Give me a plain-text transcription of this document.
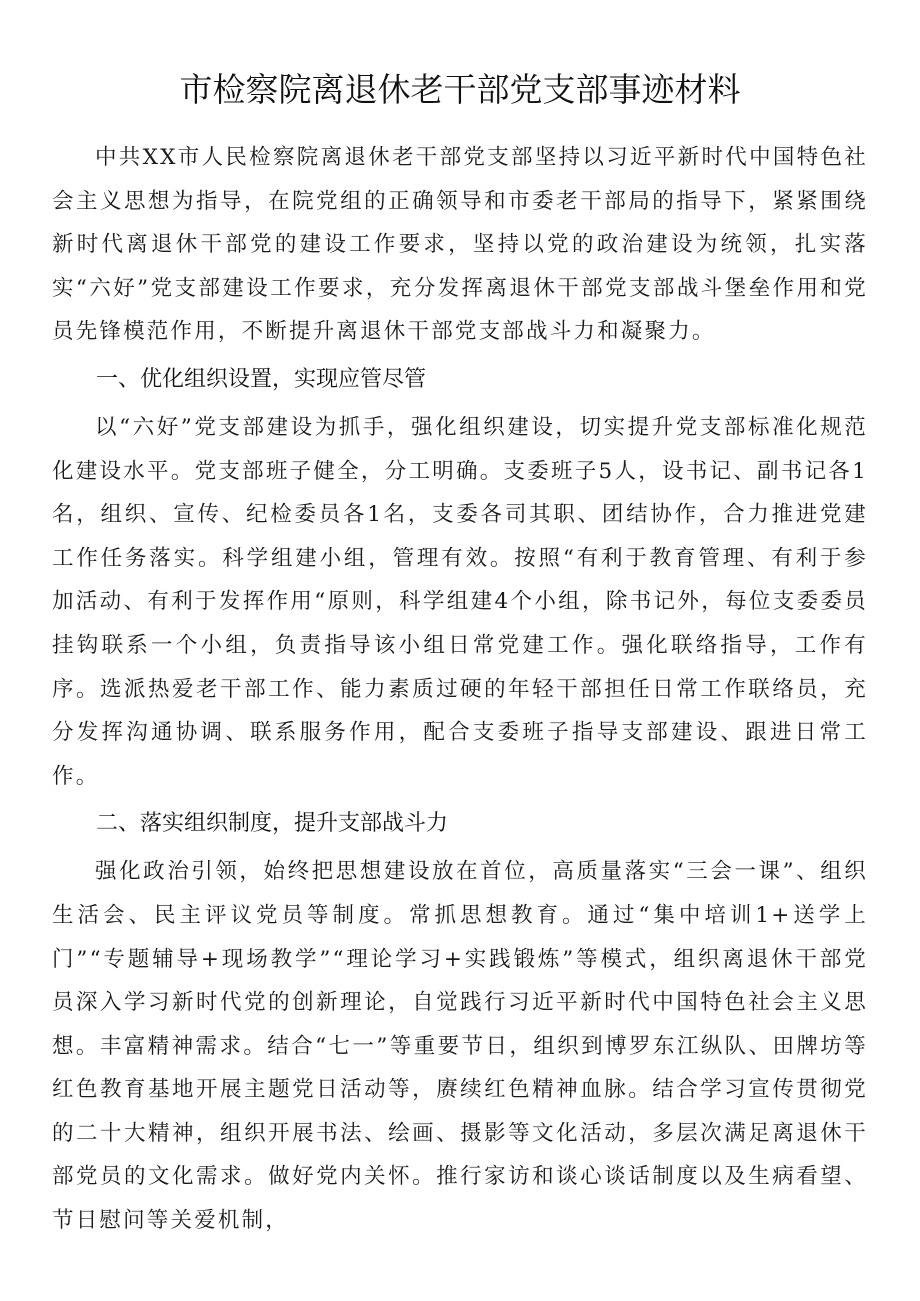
市检察院离退休老干部党支部事迹材料

中共XX市人民检察院离退休老干部党支部坚持以习近平新时代中国特色社会主义思想为指导，在院党组的正确领导和市委老干部局的指导下，紧紧围绕新时代离退休干部党的建设工作要求，坚持以党的政治建设为统领，扎实落实“六好”党支部建设工作要求，充分发挥离退休干部党支部战斗堡垒作用和党员先锋模范作用，不断提升离退休干部党支部战斗力和凝聚力。

一、优化组织设置，实现应管尽管

以“六好”党支部建设为抓手，强化组织建设，切实提升党支部标准化规范化建设水平。党支部班子健全，分工明确。支委班子5人，设书记、副书记各1名，组织、宣传、纪检委员各1名，支委各司其职、团结协作，合力推进党建工作任务落实。科学组建小组，管理有效。按照“有利于教育管理、有利于参加活动、有利于发挥作用“原则，科学组建4个小组，除书记外，每位支委委员挂钩联系一个小组，负责指导该小组日常党建工作。强化联络指导，工作有序。选派热爱老干部工作、能力素质过硬的年轻干部担任日常工作联络员，充分发挥沟通协调、联系服务作用，配合支委班子指导支部建设、跟进日常工作。

二、落实组织制度，提升支部战斗力

强化政治引领，始终把思想建设放在首位，高质量落实“三会一课”、组织生活会、民主评议党员等制度。常抓思想教育。通过“集中培训1+送学上门”“专题辅导+现场教学”“理论学习+实践锻炼”等模式，组织离退休干部党员深入学习新时代党的创新理论，自觉践行习近平新时代中国特色社会主义思想。丰富精神需求。结合“七一”等重要节日，组织到博罗东江纵队、田牌坊等红色教育基地开展主题党日活动等，赓续红色精神血脉。结合学习宣传贯彻党的二十大精神，组织开展书法、绘画、摄影等文化活动，多层次满足离退休干部党员的文化需求。做好党内关怀。推行家访和谈心谈话制度以及生病看望、节日慰问等关爱机制，
